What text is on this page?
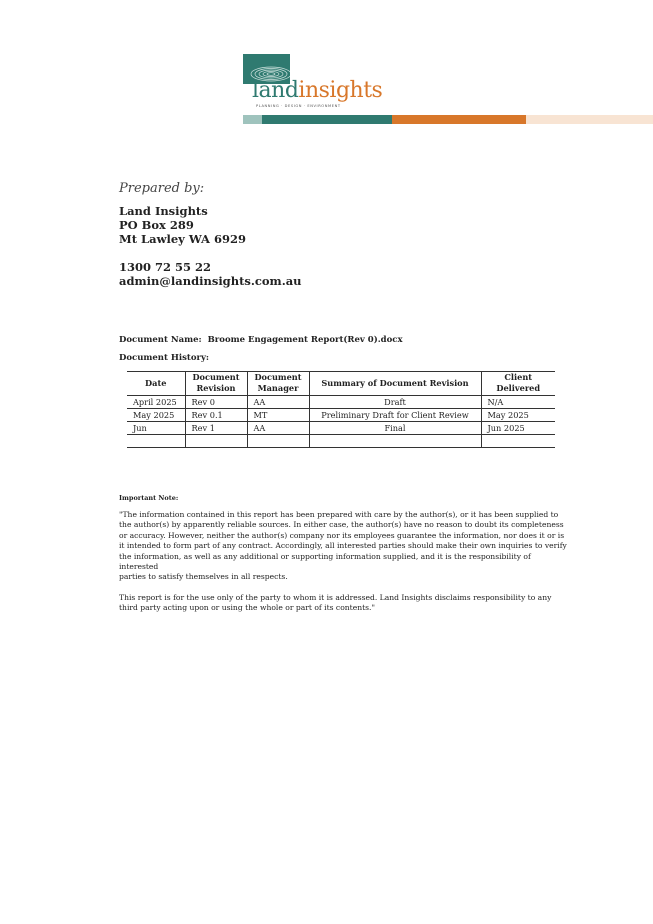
landinsights
PLANNING · DESIGN · ENVIRONMENT
Prepared by:
Land Insights
PO Box 289
Mt Lawley WA 6929
1300 72 55 22
admin@landinsights.com.au
Document Name: Broome Engagement Report(Rev 0).docx
Document History:
Date	Document Revision	Document Manager	Summary of Document Revision	Client Delivered
April 2025	Rev 0	AA	Draft	N/A
May 2025	Rev 0.1	MT	Preliminary Draft for Client Review	May 2025
Jun	Rev 1	AA	Final	Jun 2025

Important Note:
"The information contained in this report has been prepared with care by the author(s), or it has been supplied to
the author(s) by apparently reliable sources. In either case, the author(s) have no reason to doubt its completeness
or accuracy. However, neither the author(s) company nor its employees guarantee the information, nor does it or is
it intended to form part of any contract. Accordingly, all interested parties should make their own inquiries to verify
the information, as well as any additional or supporting information supplied, and it is the responsibility of
interested
parties to satisfy themselves in all respects.
This report is for the use only of the party to whom it is addressed. Land Insights disclaims responsibility to any
third party acting upon or using the whole or part of its contents."
